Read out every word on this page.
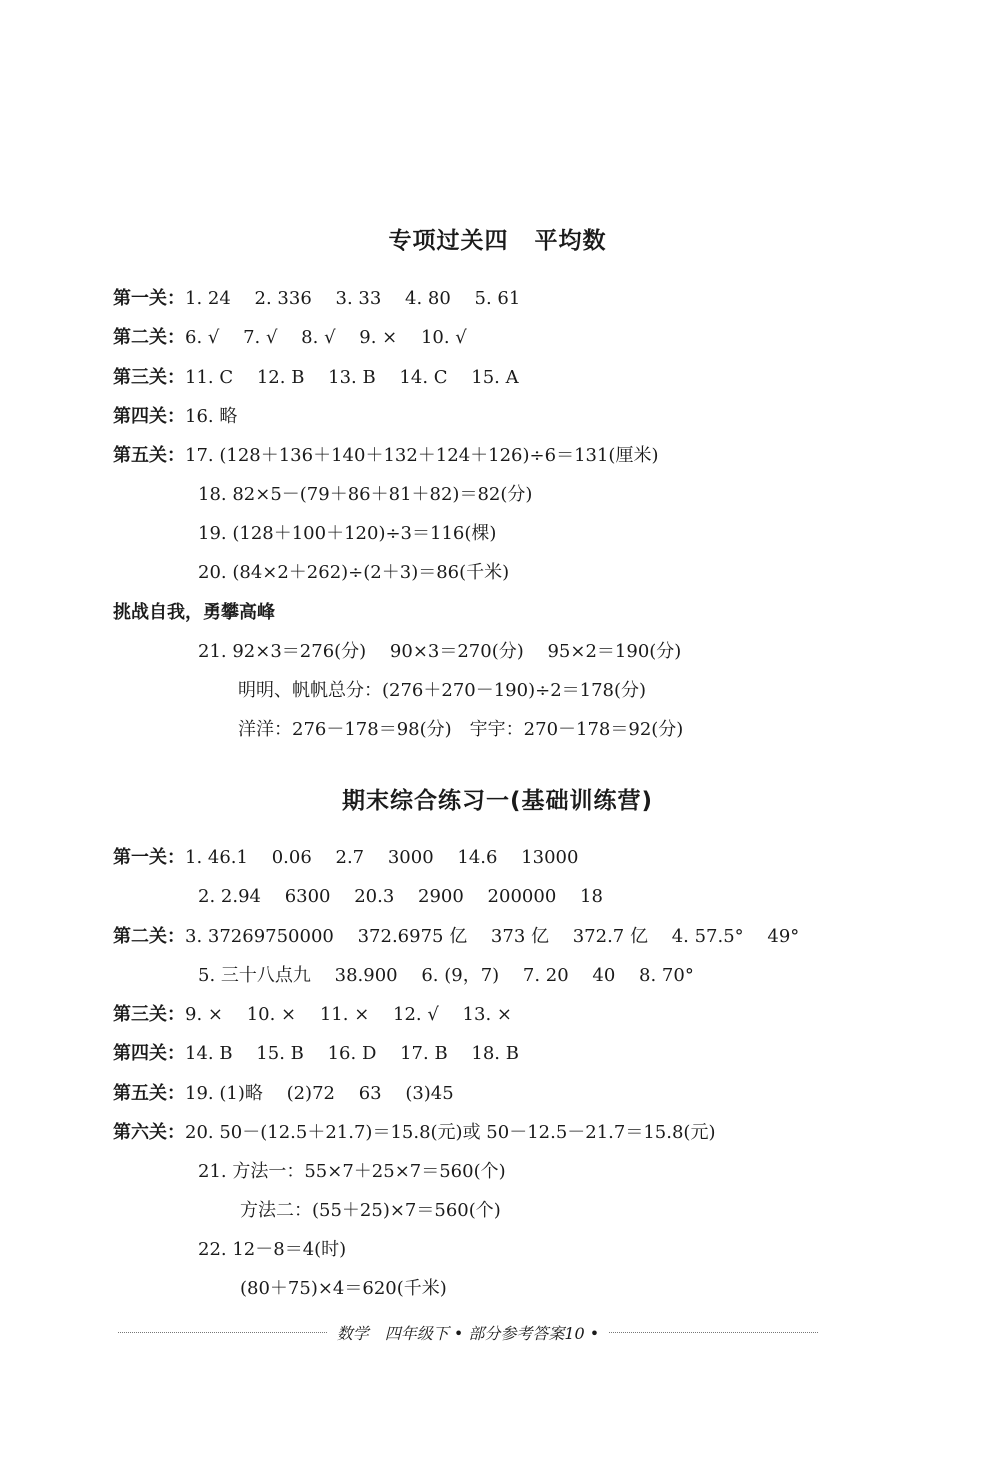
专项过关四 平均数
第一关：1. 24　 2. 336　 3. 33　 4. 80　 5. 61
第二关：6. √　 7. √　 8. √　 9. ×　 10. √
第三关：11. C　 12. B　 13. B　 14. C　 15. A
第四关：16. 略
第五关：17. (128＋136＋140＋132＋124＋126)÷6＝131(厘米)
18. 82×5－(79＋86＋81＋82)＝82(分)
19. (128＋100＋120)÷3＝116(棵)
20. (84×2＋262)÷(2＋3)＝86(千米)
挑战自我，勇攀高峰
21. 92×3＝276(分)　 90×3＝270(分)　 95×2＝190(分)
明明、帆帆总分：(276＋270－190)÷2＝178(分)
洋洋：276－178＝98(分)　宇宇：270－178＝92(分)
期末综合练习一(基础训练营)
第一关：1. 46.1　 0.06　 2.7　 3000　 14.6　 13000
2. 2.94　 6300　 20.3　 2900　 200000　 18
第二关：3. 37269750000　 372.6975 亿　 373 亿　 372.7 亿　 4. 57.5°　 49°
5. 三十八点九　 38.900　 6. (9，7)　 7. 20　 40　 8. 70°
第三关：9. ×　 10. ×　 11. ×　 12. √　 13. ×
第四关：14. B　 15. B　 16. D　 17. B　 18. B
第五关：19. (1)略　 (2)72　 63　 (3)45
第六关：20. 50－(12.5＋21.7)＝15.8(元)或 50－12.5－21.7＝15.8(元)
21. 方法一：55×7＋25×7＝560(个)
方法二：(55＋25)×7＝560(个)
22. 12－8＝4(时)
(80＋75)×4＝620(千米)
数学　四年级下 • 部分参考答案10 •
